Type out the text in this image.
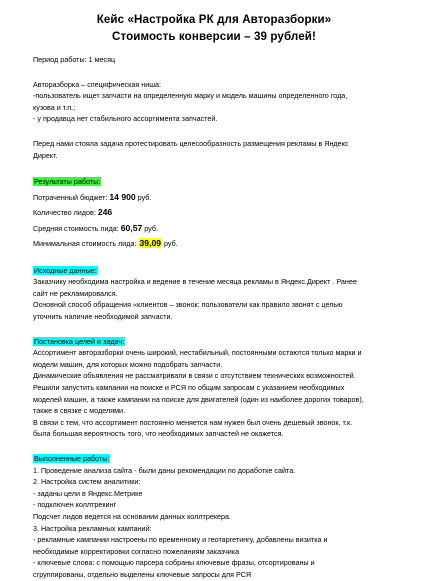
Кейс «Настройка РК для Авторазборки»
Стоимость конверсии – 39 рублей!

Период работы: 1 месяц

Авторазборка – специфическая ниша:

-пользователь ищет запчасти на определенную марку и модель машины определенного года,

кузова и т.п.;

- у продавца нет стабильного ассортимента запчастей.

Перед нами стояла задача протестировать целесообразность размещения рекламы в Яндекс

Директ.

Результаты работы:

Потраченный бюджет: 14 900 руб.

Количество лидов: 246

Средняя стоимость лида: 60,57 руб.

Минимальная стоимость лида: 39,09 руб.

Исходные данные:

Заказчику необходима настройка и ведение в течение месяца рекламы в Яндекс.Директ . Ранее

сайт не рекламировался.

Основной способ обращения «клиентов – звонок: пользователи как правило звонят с целью

уточнить наличие необходимой запчасти.

Постановка целей и задач:

Ассортимент авторазборки очень широкий, нестабильный, постоянными остаются только марки и

модели машин, для которых можно подобрать запчасти.

Динамические объявления не рассматривали в связи с отсутствием технических возможностей.

Решили запустить кампании на поиске и РСЯ по общим запросам с указанием необходимых

моделей машин, а также кампании на поиске для двигателей (один из наиболее дорогих товаров),

также в связке с моделями.

В связи с тем, что ассортимент постоянно меняется нам нужен был очень дешевый звонок, т.к.

была большая вероятность того, что необходимых запчастей не окажется.

Выполненные работы:

1. Проведение анализа сайта - были даны рекомендации по доработке сайта.

2. Настройка систем аналитики:

- заданы цели в Яндекс.Метрике

- подключен коллтрекинг

Подсчет лидов ведется на основании данных коллтрекера.

3. Настройка рекламных кампаний:

- рекламные кампании настроены по временному и геотаргетингу, добавлены визитка и

необходимые корректировки согласно пожеланиям заказчика

- ключевые слова: с помощью парсера собраны ключевые фразы, отсортированы и

сгруппированы, отдельно выделены ключевые запросы для РСЯ
